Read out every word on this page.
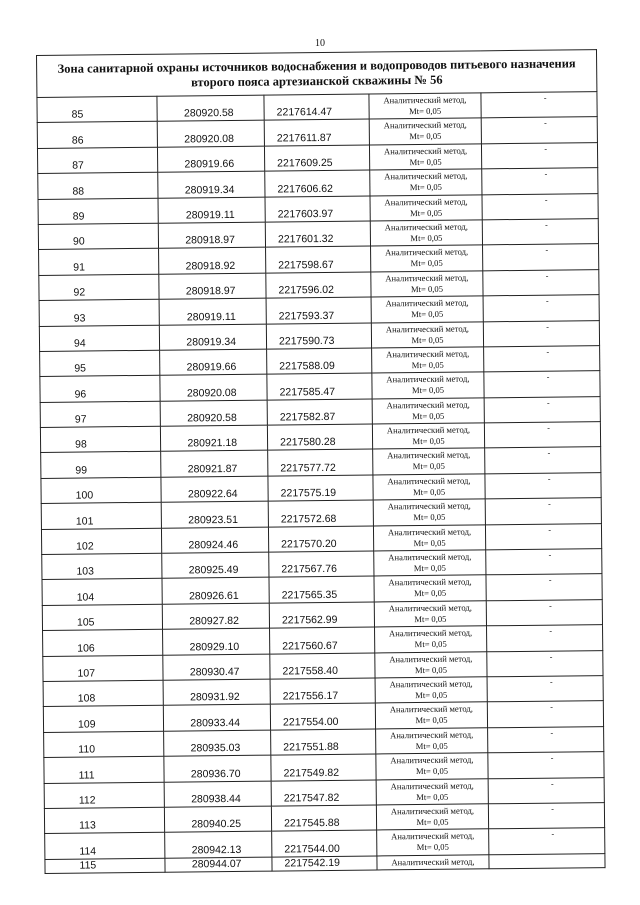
10
Зона санитарной охраны источников водоснабжения и водопроводов питьевого назначения второго пояса артезианской скважины № 56				
85	280920.58	2217614.47	Аналитический метод,
Mt= 0,05	-
86	280920.08	2217611.87	Аналитический метод,
Mt= 0,05	-
87	280919.66	2217609.25	Аналитический метод,
Mt= 0,05	-
88	280919.34	2217606.62	Аналитический метод,
Mt= 0,05	-
89	280919.11	2217603.97	Аналитический метод,
Mt= 0,05	-
90	280918.97	2217601.32	Аналитический метод,
Mt= 0,05	-
91	280918.92	2217598.67	Аналитический метод,
Mt= 0,05	-
92	280918.97	2217596.02	Аналитический метод,
Mt= 0,05	-
93	280919.11	2217593.37	Аналитический метод,
Mt= 0,05	-
94	280919.34	2217590.73	Аналитический метод,
Mt= 0,05	-
95	280919.66	2217588.09	Аналитический метод,
Mt= 0,05	-
96	280920.08	2217585.47	Аналитический метод,
Mt= 0,05	-
97	280920.58	2217582.87	Аналитический метод,
Mt= 0,05	-
98	280921.18	2217580.28	Аналитический метод,
Mt= 0,05	-
99	280921.87	2217577.72	Аналитический метод,
Mt= 0,05	-
100	280922.64	2217575.19	Аналитический метод,
Mt= 0,05	-
101	280923.51	2217572.68	Аналитический метод,
Mt= 0,05	-
102	280924.46	2217570.20	Аналитический метод,
Mt= 0,05	-
103	280925.49	2217567.76	Аналитический метод,
Mt= 0,05	-
104	280926.61	2217565.35	Аналитический метод,
Mt= 0,05	-
105	280927.82	2217562.99	Аналитический метод,
Mt= 0,05	-
106	280929.10	2217560.67	Аналитический метод,
Mt= 0,05	-
107	280930.47	2217558.40	Аналитический метод,
Mt= 0,05	-
108	280931.92	2217556.17	Аналитический метод,
Mt= 0,05	-
109	280933.44	2217554.00	Аналитический метод,
Mt= 0,05	-
110	280935.03	2217551.88	Аналитический метод,
Mt= 0,05	-
111	280936.70	2217549.82	Аналитический метод,
Mt= 0,05	-
112	280938.44	2217547.82	Аналитический метод,
Mt= 0,05	-
113	280940.25	2217545.88	Аналитический метод,
Mt= 0,05	-
114	280942.13	2217544.00	Аналитический метод,
Mt= 0,05	-
115	280944.07	2217542.19	Аналитический метод,	
